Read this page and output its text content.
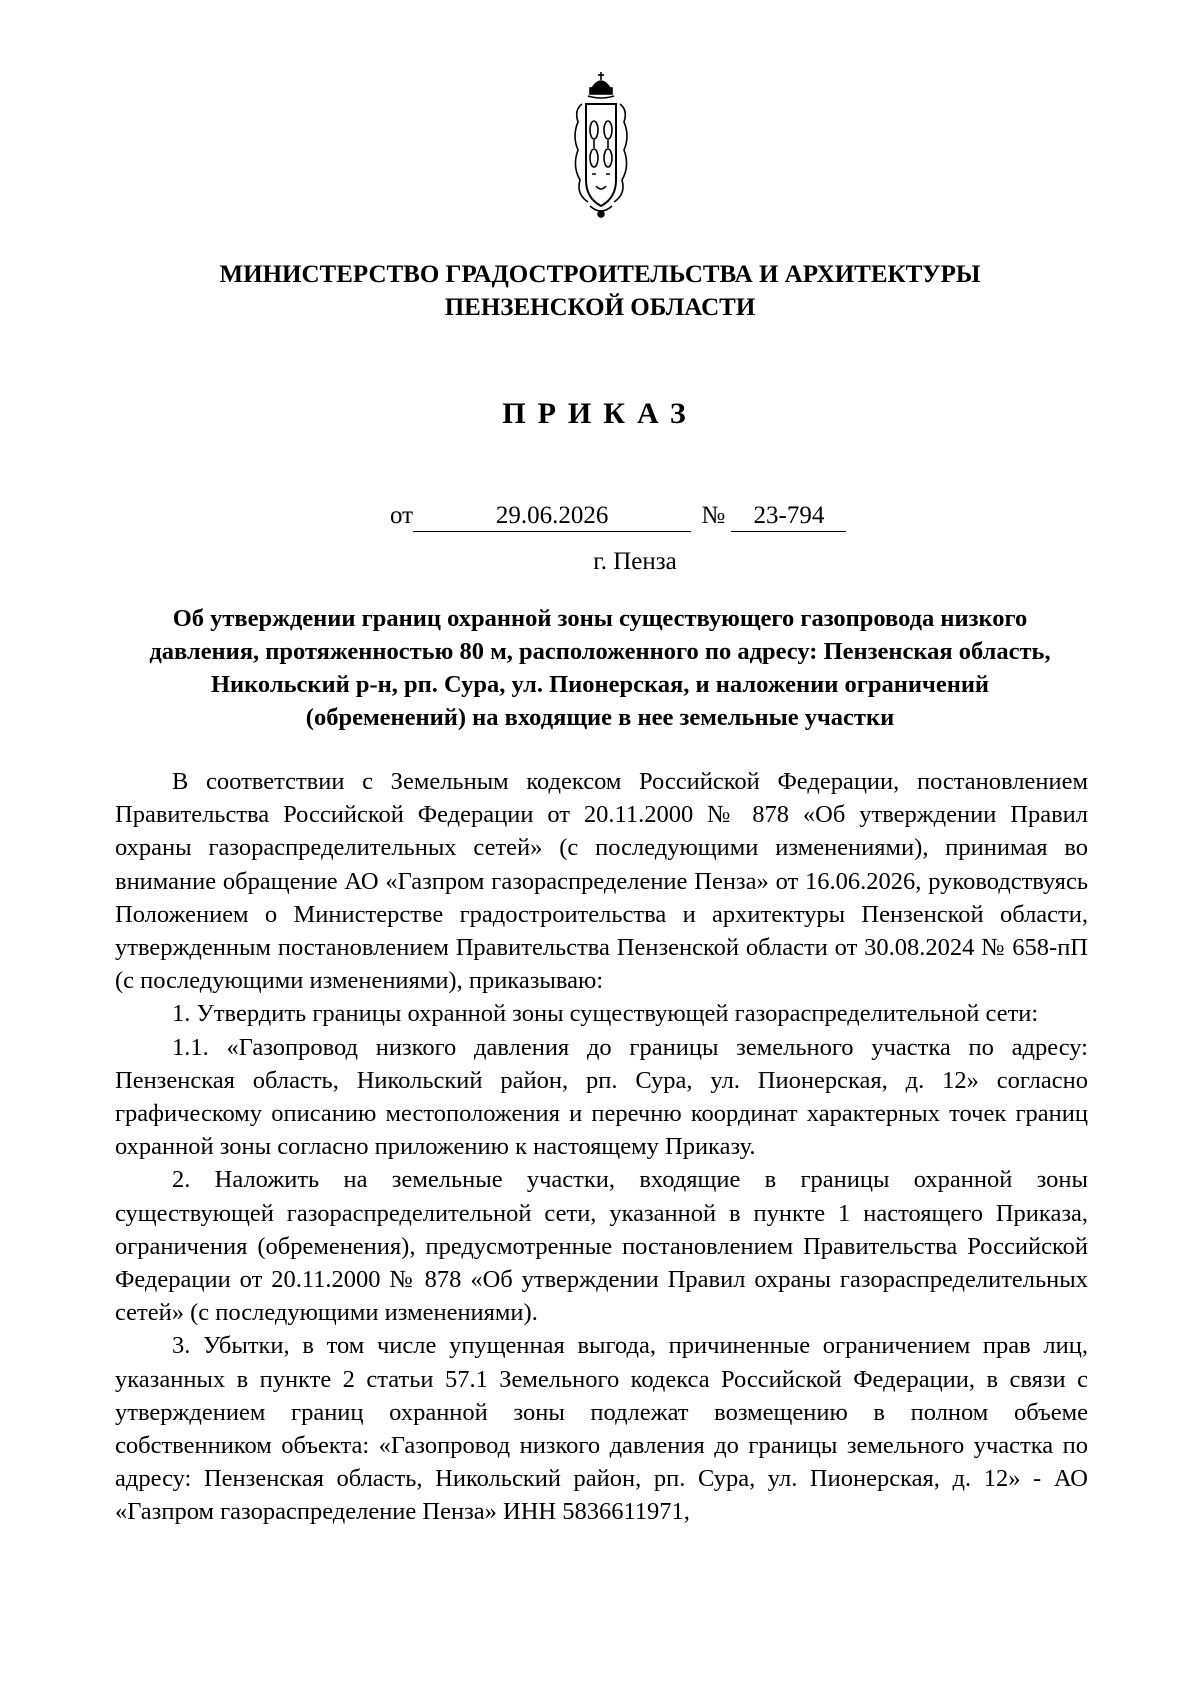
МИНИСТЕРСТВО ГРАДОСТРОИТЕЛЬСТВА И АРХИТЕКТУРЫ
ПЕНЗЕНСКОЙ ОБЛАСТИ
ПРИКАЗ
от	29.06.2026	№ 23-794
г. Пенза
Об утверждении границ охранной зоны существующего газопровода низкого давления, протяженностью 80 м, расположенного по адресу: Пензенская область, Никольский р-н, рп. Сура, ул. Пионерская, и наложении ограничений (обременений) на входящие в нее земельные участки

В соответствии с Земельным кодексом Российской Федерации, постановлением Правительства Российской Федерации от 20.11.2000 № 878 «Об утверждении Правил охраны газораспределительных сетей» (с последующими изменениями), принимая во внимание обращение АО «Газпром газораспределение Пенза» от 16.06.2026, руководствуясь Положением о Министерстве градостроительства и архитектуры Пензенской области, утвержденным постановлением Правительства Пензенской области от 30.08.2024 № 658-пП (с последующими изменениями), приказываю:

1. Утвердить границы охранной зоны существующей газораспределительной сети:

1.1. «Газопровод низкого давления до границы земельного участка по адресу: Пензенская область, Никольский район, рп. Сура, ул. Пионерская, д. 12» согласно графическому описанию местоположения и перечню координат характерных точек границ охранной зоны согласно приложению к настоящему Приказу.

2. Наложить на земельные участки, входящие в границы охранной зоны существующей газораспределительной сети, указанной в пункте 1 настоящего Приказа, ограничения (обременения), предусмотренные постановлением Правительства Российской Федерации от 20.11.2000 № 878 «Об утверждении Правил охраны газораспределительных сетей» (с последующими изменениями).

3. Убытки, в том числе упущенная выгода, причиненные ограничением прав лиц, указанных в пункте 2 статьи 57.1 Земельного кодекса Российской Федерации, в связи с утверждением границ охранной зоны подлежат возмещению в полном объеме собственником объекта: «Газопровод низкого давления до границы земельного участка по адресу: Пензенская область, Никольский район, рп. Сура, ул. Пионерская, д. 12» - АО «Газпром газораспределение Пенза» ИНН 5836611971,
